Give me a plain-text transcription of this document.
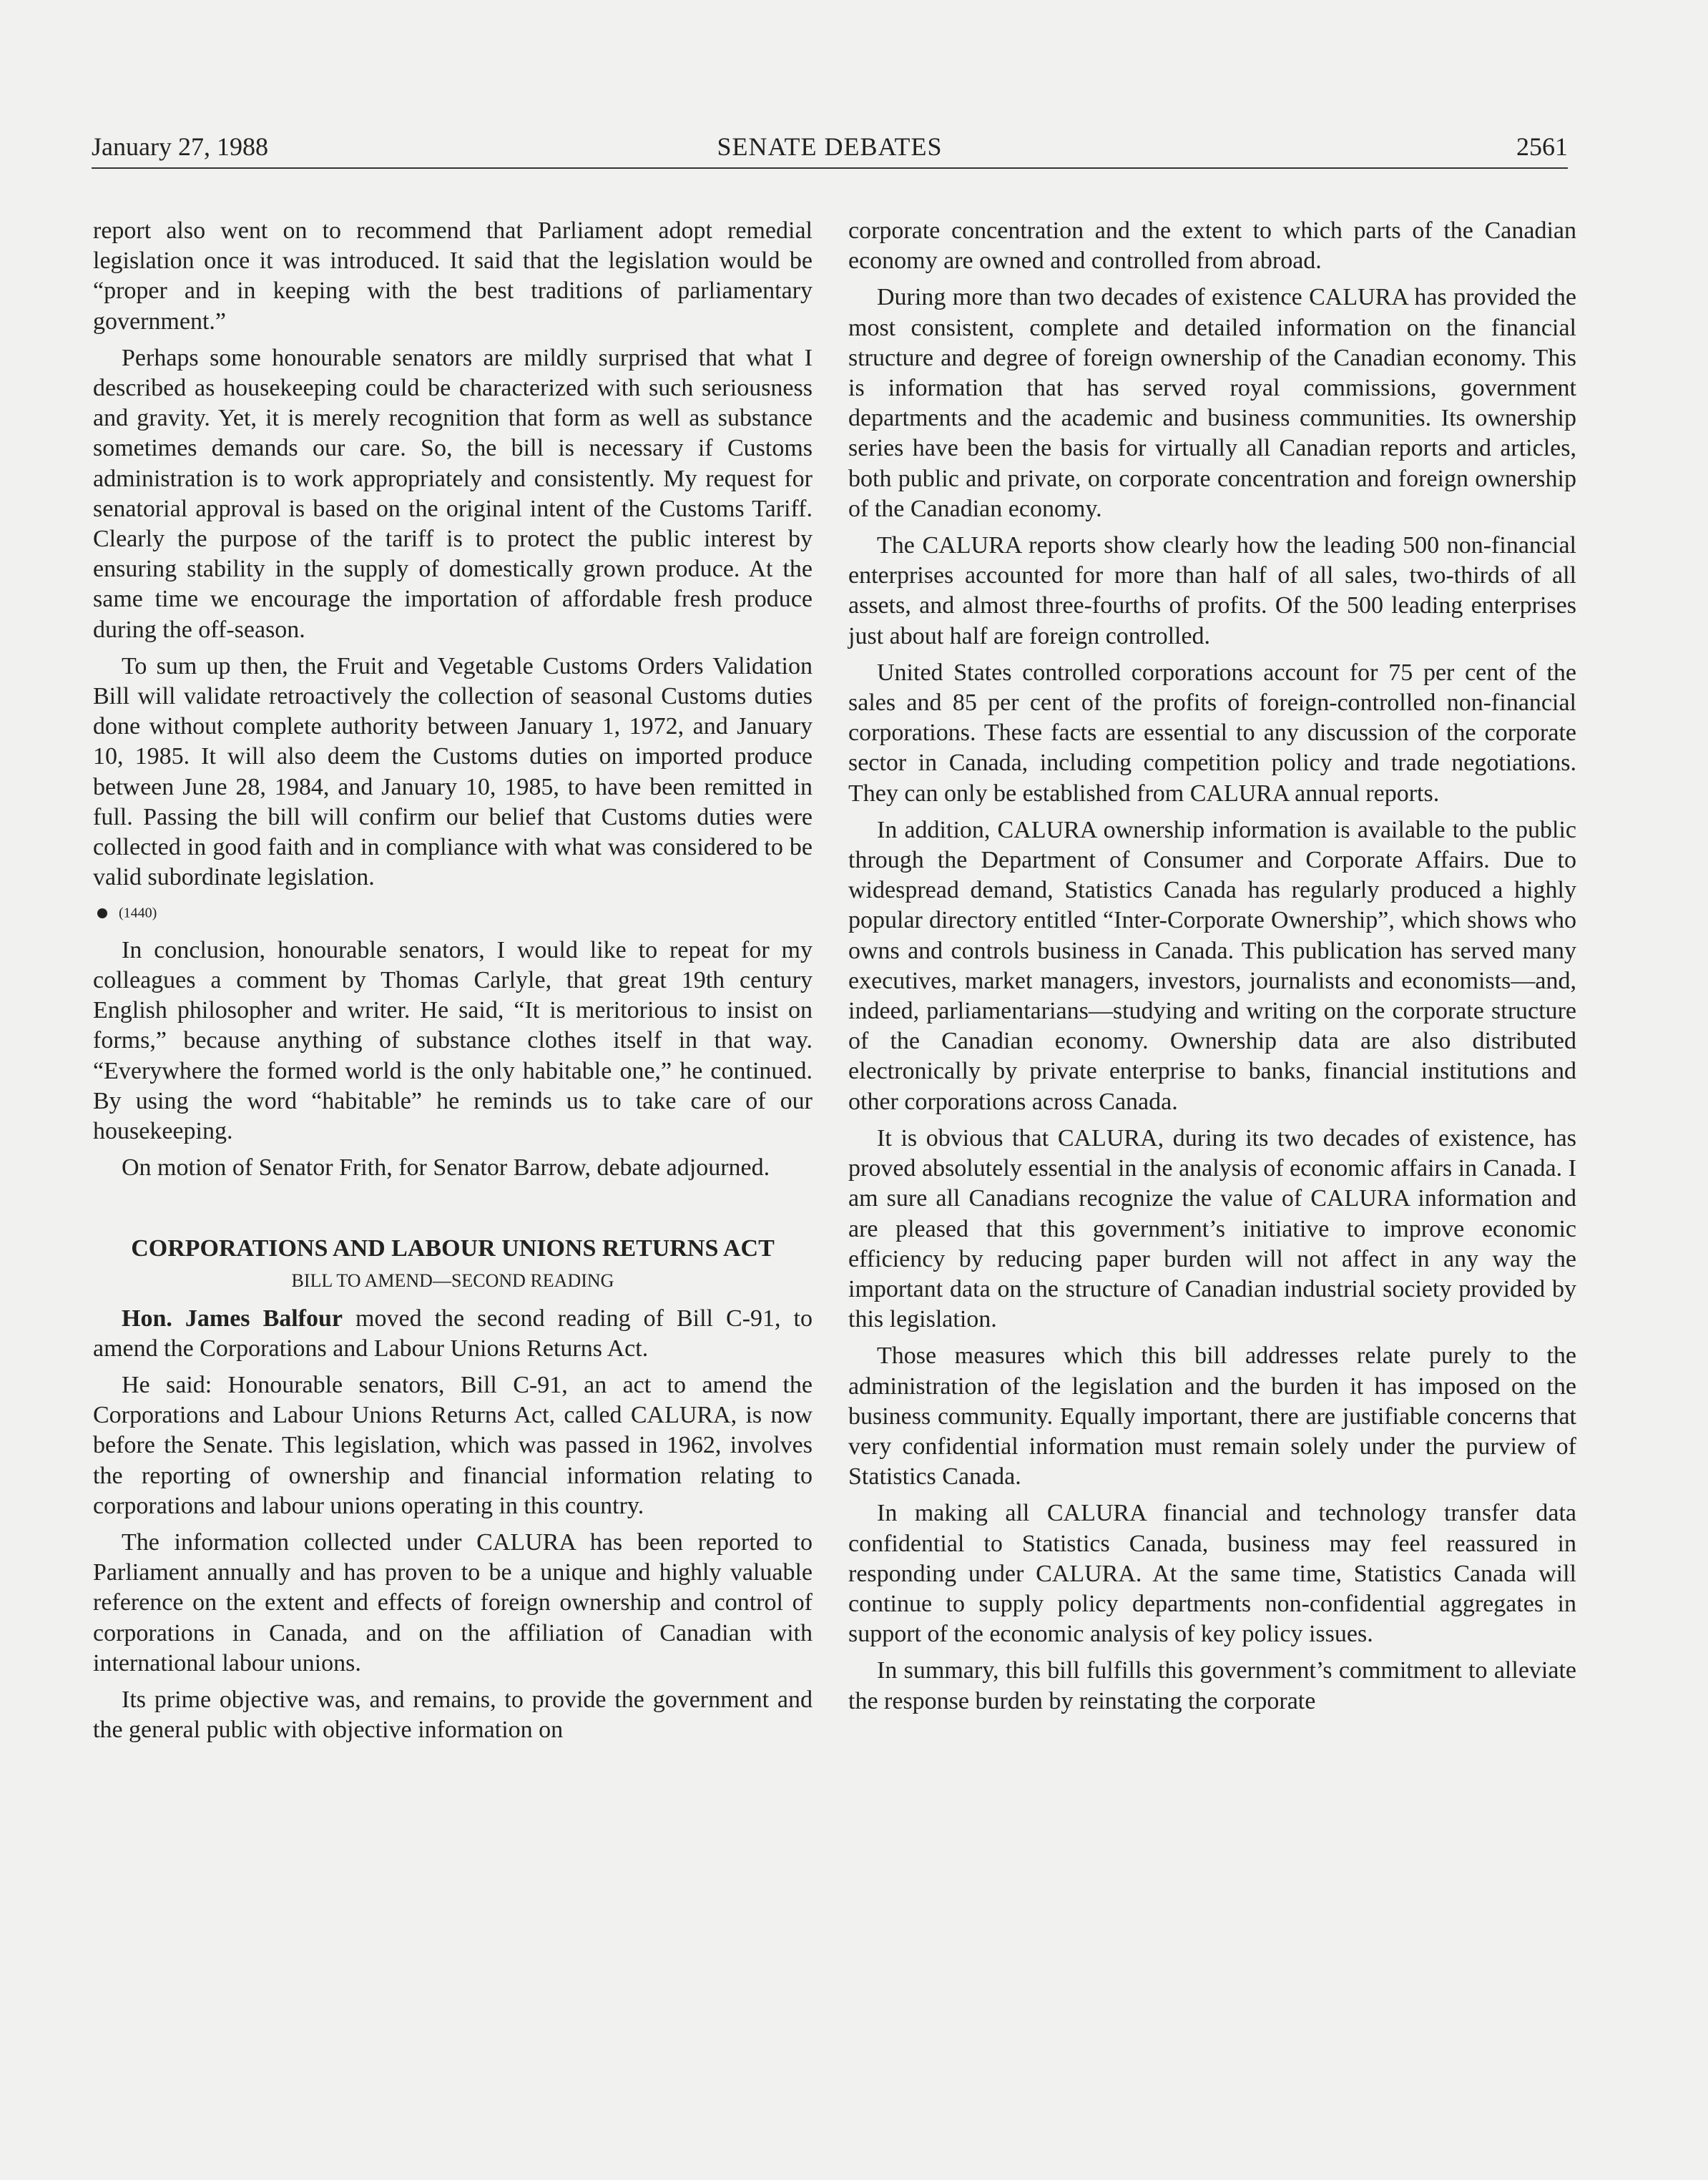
January 27, 1988	SENATE DEBATES	2561

report also went on to recommend that Parliament adopt remedial legislation once it was introduced. It said that the legislation would be “proper and in keeping with the best traditions of parliamentary government.”

Perhaps some honourable senators are mildly surprised that what I described as housekeeping could be characterized with such seriousness and gravity. Yet, it is merely recognition that form as well as substance sometimes demands our care. So, the bill is necessary if Customs administration is to work appropriately and consistently. My request for senatorial approval is based on the original intent of the Customs Tariff. Clearly the purpose of the tariff is to protect the public interest by ensuring stability in the supply of domestically grown produce. At the same time we encourage the importation of affordable fresh produce during the off-season.

To sum up then, the Fruit and Vegetable Customs Orders Validation Bill will validate retroactively the collection of seasonal Customs duties done without complete authority between January 1, 1972, and January 10, 1985. It will also deem the Customs duties on imported produce between June 28, 1984, and January 10, 1985, to have been remitted in full. Passing the bill will confirm our belief that Customs duties were collected in good faith and in compliance with what was considered to be valid subordinate legislation.

(1440)

In conclusion, honourable senators, I would like to repeat for my colleagues a comment by Thomas Carlyle, that great 19th century English philosopher and writer. He said, “It is meritorious to insist on forms,” because anything of substance clothes itself in that way. “Everywhere the formed world is the only habitable one,” he continued. By using the word “habitable” he reminds us to take care of our housekeeping.

On motion of Senator Frith, for Senator Barrow, debate adjourned.

CORPORATIONS AND LABOUR UNIONS RETURNS ACT
BILL TO AMEND—SECOND READING

Hon. James Balfour moved the second reading of Bill C-91, to amend the Corporations and Labour Unions Returns Act.

He said: Honourable senators, Bill C-91, an act to amend the Corporations and Labour Unions Returns Act, called CALURA, is now before the Senate. This legislation, which was passed in 1962, involves the reporting of ownership and financial information relating to corporations and labour unions operating in this country.

The information collected under CALURA has been reported to Parliament annually and has proven to be a unique and highly valuable reference on the extent and effects of foreign ownership and control of corporations in Canada, and on the affiliation of Canadian with international labour unions.

Its prime objective was, and remains, to provide the government and the general public with objective information on

corporate concentration and the extent to which parts of the Canadian economy are owned and controlled from abroad.

During more than two decades of existence CALURA has provided the most consistent, complete and detailed information on the financial structure and degree of foreign ownership of the Canadian economy. This is information that has served royal commissions, government departments and the academic and business communities. Its ownership series have been the basis for virtually all Canadian reports and articles, both public and private, on corporate concentration and foreign ownership of the Canadian economy.

The CALURA reports show clearly how the leading 500 non-financial enterprises accounted for more than half of all sales, two-thirds of all assets, and almost three-fourths of profits. Of the 500 leading enterprises just about half are foreign controlled.

United States controlled corporations account for 75 per cent of the sales and 85 per cent of the profits of foreign-controlled non-financial corporations. These facts are essential to any discussion of the corporate sector in Canada, including competition policy and trade negotiations. They can only be established from CALURA annual reports.

In addition, CALURA ownership information is available to the public through the Department of Consumer and Corporate Affairs. Due to widespread demand, Statistics Canada has regularly produced a highly popular directory entitled “Inter-Corporate Ownership”, which shows who owns and controls business in Canada. This publication has served many executives, market managers, investors, journalists and economists—and, indeed, parliamentarians—studying and writing on the corporate structure of the Canadian economy. Ownership data are also distributed electronically by private enterprise to banks, financial institutions and other corporations across Canada.

It is obvious that CALURA, during its two decades of existence, has proved absolutely essential in the analysis of economic affairs in Canada. I am sure all Canadians recognize the value of CALURA information and are pleased that this government’s initiative to improve economic efficiency by reducing paper burden will not affect in any way the important data on the structure of Canadian industrial society provided by this legislation.

Those measures which this bill addresses relate purely to the administration of the legislation and the burden it has imposed on the business community. Equally important, there are justifiable concerns that very confidential information must remain solely under the purview of Statistics Canada.

In making all CALURA financial and technology transfer data confidential to Statistics Canada, business may feel reassured in responding under CALURA. At the same time, Statistics Canada will continue to supply policy departments non-confidential aggregates in support of the economic analysis of key policy issues.

In summary, this bill fulfills this government’s commitment to alleviate the response burden by reinstating the corporate
